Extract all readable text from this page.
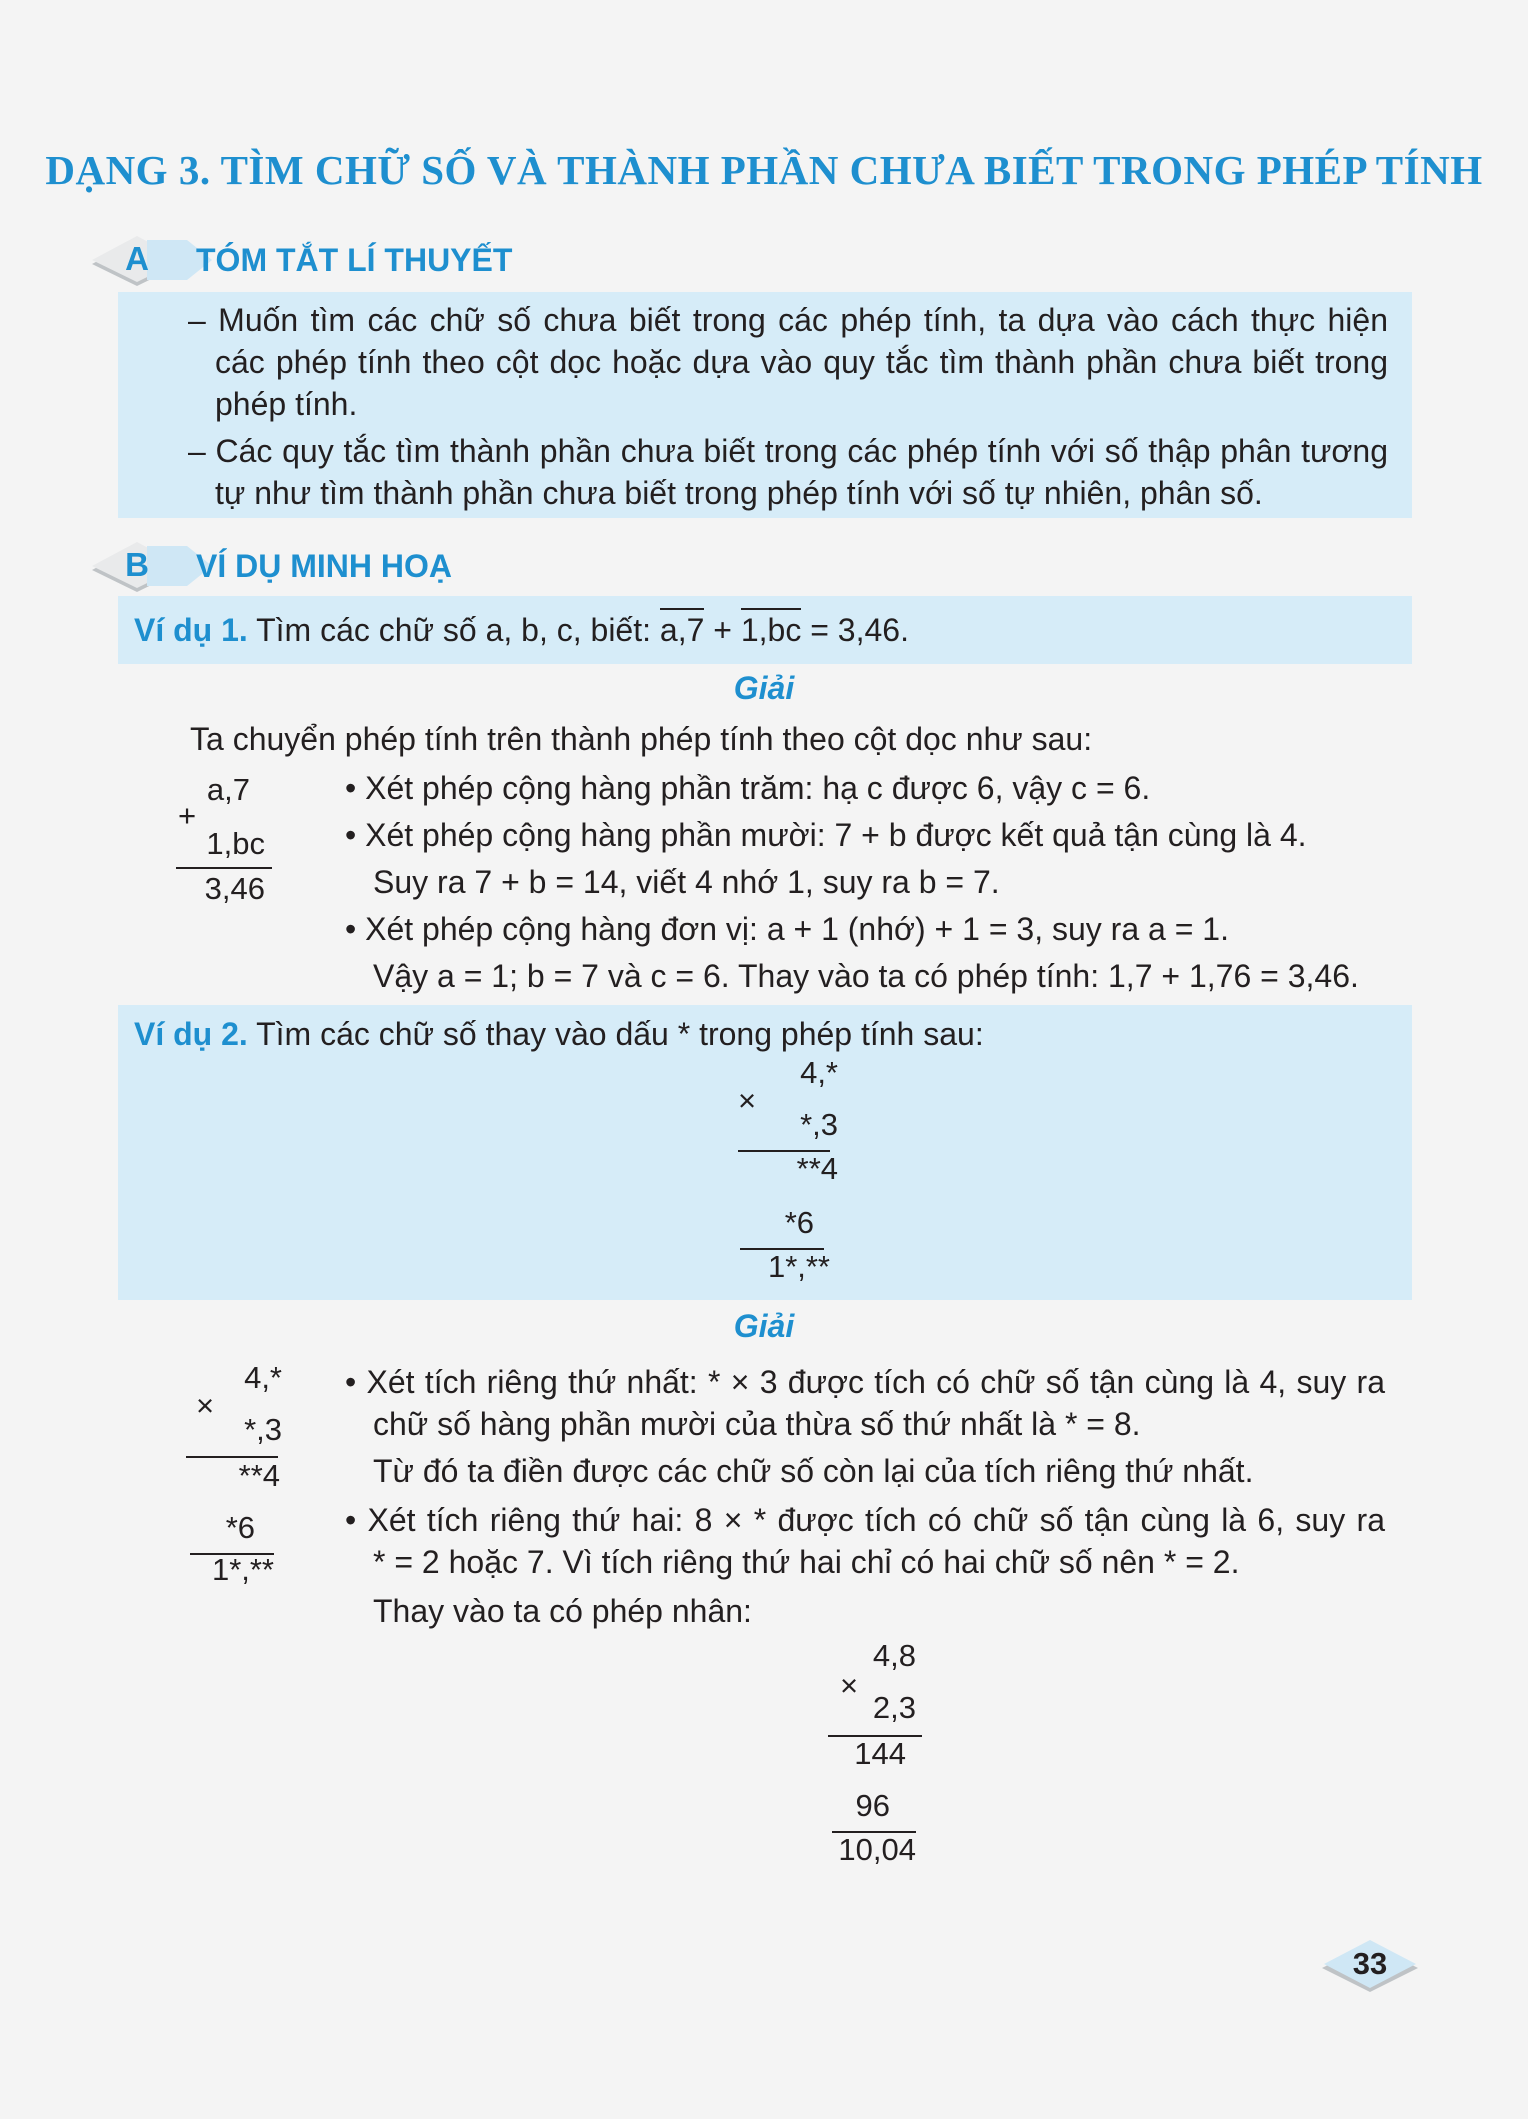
DẠNG 3. TÌM CHỮ SỐ VÀ THÀNH PHẦN CHƯA BIẾT TRONG PHÉP TÍNH
A TÓM TẮT LÍ THUYẾT
– Muốn tìm các chữ số chưa biết trong các phép tính, ta dựa vào cách thực hiện
các phép tính theo cột dọc hoặc dựa vào quy tắc tìm thành phần chưa biết trong
phép tính.
– Các quy tắc tìm thành phần chưa biết trong các phép tính với số thập phân tương
tự như tìm thành phần chưa biết trong phép tính với số tự nhiên, phân số.
B VÍ DỤ MINH HOẠ
Ví dụ 1. Tìm các chữ số a, b, c, biết: a,7 + 1,bc = 3,46.
Giải
Ta chuyển phép tính trên thành phép tính theo cột dọc như sau:
a,7
+
1,bc
3,46
• Xét phép cộng hàng phần trăm: hạ c được 6, vậy c = 6.
• Xét phép cộng hàng phần mười: 7 + b được kết quả tận cùng là 4.
Suy ra 7 + b = 14, viết 4 nhớ 1, suy ra b = 7.
• Xét phép cộng hàng đơn vị: a + 1 (nhớ) + 1 = 3, suy ra a = 1.
Vậy a = 1; b = 7 và c = 6. Thay vào ta có phép tính: 1,7 + 1,76 = 3,46.
Ví dụ 2. Tìm các chữ số thay vào dấu * trong phép tính sau:
4,*
×
*,3
**4
*6
1*,**
Giải
4,*
×
*,3
**4
*6
1*,**
• Xét tích riêng thứ nhất: * × 3 được tích có chữ số tận cùng là 4, suy ra
chữ số hàng phần mười của thừa số thứ nhất là * = 8.
Từ đó ta điền được các chữ số còn lại của tích riêng thứ nhất.
• Xét tích riêng thứ hai: 8 × * được tích có chữ số tận cùng là 6, suy ra
* = 2 hoặc 7. Vì tích riêng thứ hai chỉ có hai chữ số nên * = 2.
Thay vào ta có phép nhân:
4,8
×
2,3
144
96
10,04
33
